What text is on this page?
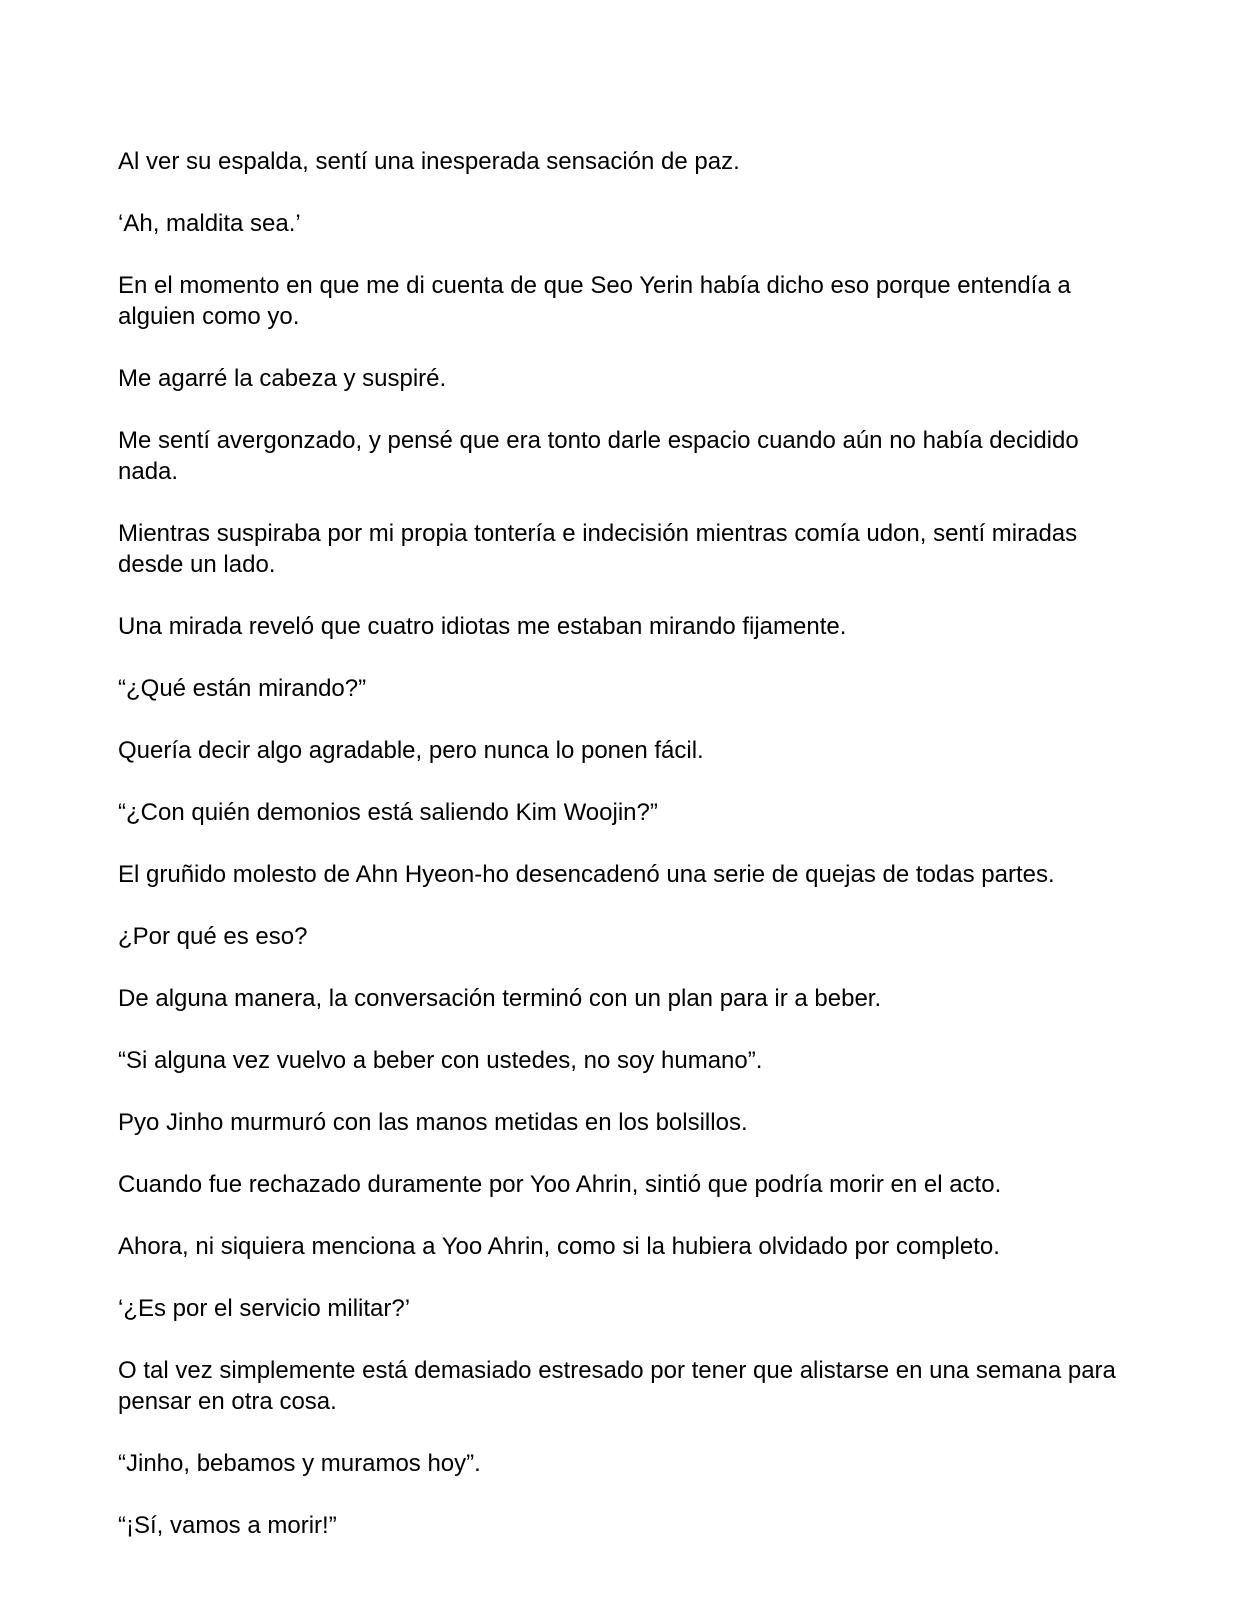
Al ver su espalda, sentí una inesperada sensación de paz.

‘Ah, maldita sea.’

En el momento en que me di cuenta de que Seo Yerin había dicho eso porque entendía a alguien como yo.

Me agarré la cabeza y suspiré.

Me sentí avergonzado, y pensé que era tonto darle espacio cuando aún no había decidido nada.

Mientras suspiraba por mi propia tontería e indecisión mientras comía udon, sentí miradas desde un lado.

Una mirada reveló que cuatro idiotas me estaban mirando fijamente.

“¿Qué están mirando?”

Quería decir algo agradable, pero nunca lo ponen fácil.

“¿Con quién demonios está saliendo Kim Woojin?”

El gruñido molesto de Ahn Hyeon-ho desencadenó una serie de quejas de todas partes.

¿Por qué es eso?

De alguna manera, la conversación terminó con un plan para ir a beber.

“Si alguna vez vuelvo a beber con ustedes, no soy humano”.

Pyo Jinho murmuró con las manos metidas en los bolsillos.

Cuando fue rechazado duramente por Yoo Ahrin, sintió que podría morir en el acto.

Ahora, ni siquiera menciona a Yoo Ahrin, como si la hubiera olvidado por completo.

‘¿Es por el servicio militar?’

O tal vez simplemente está demasiado estresado por tener que alistarse en una semana para pensar en otra cosa.

“Jinho, bebamos y muramos hoy”.

“¡Sí, vamos a morir!”
